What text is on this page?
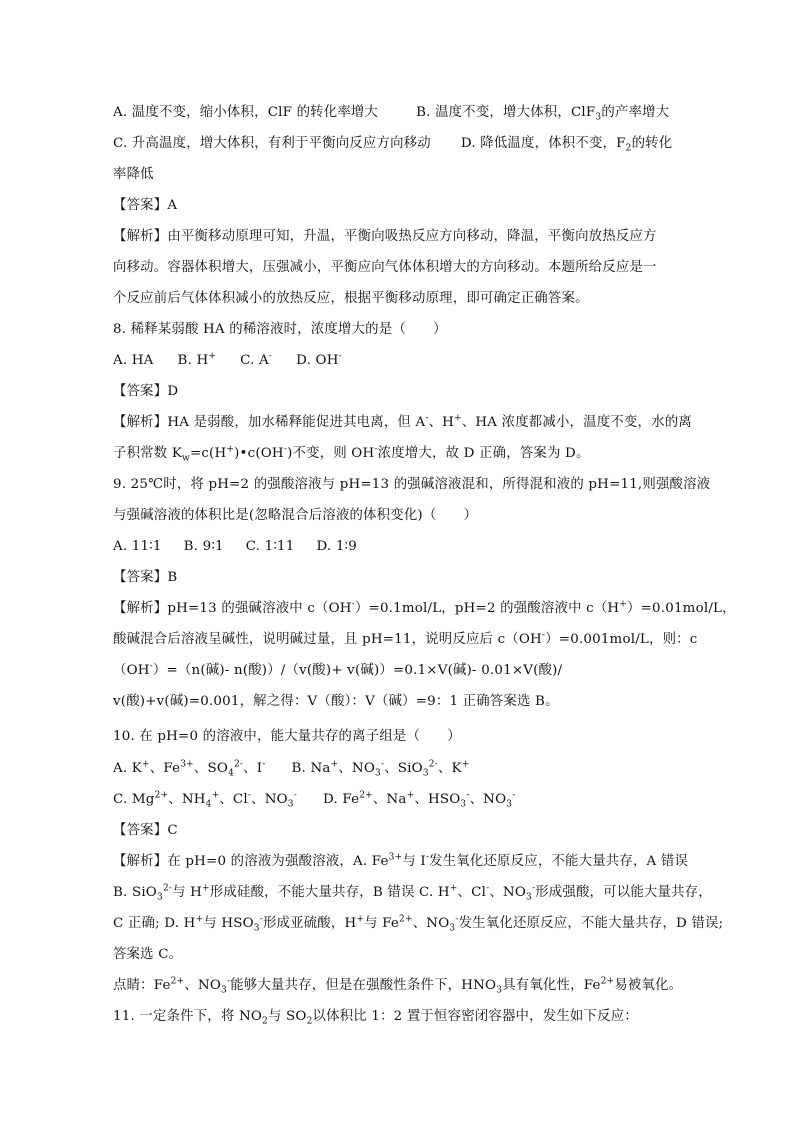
A. 温度不变，缩小体积，ClF 的转化率增大	B. 温度不变，增大体积，ClF$_3$的产率增大
C. 升高温度，增大体积，有利于平衡向反应方向移动 D. 降低温度，体积不变，$F_2$的转化
率降低
【答案】A
【解析】由平衡移动原理可知，升温，平衡向吸热反应方向移动，降温，平衡向放热反应方
向移动。容器体积增大，压强减小，平衡应向气体体积增大的方向移动。本题所给反应是一
个反应前后气体体积减小的放热反应，根据平衡移动原理，即可确定正确答案。
8. 稀释某弱酸 HA 的稀溶液时，浓度增大的是（　　）
A. HA B. H+ C. A- D. OH-
【答案】D
【解析】HA 是弱酸，加水稀释能促进其电离，但 A-、H+、HA 浓度都减小，温度不变，水的离
子积常数 $K_w=c(H^+)•c(OH^-)$不变，则 OH-浓度增大，故 D 正确，答案为 D。
9. 25℃时，将 pH=2 的强酸溶液与 pH=13 的强碱溶液混和，所得混和液的 pH=11,则强酸溶液
与强碱溶液的体积比是(忽略混合后溶液的体积变化)（　　）
A. 11∶1 B. 9∶1 C. 1∶11 D. 1∶9
【答案】B
【解析】pH=13 的强碱溶液中 c（OH-）=0.1mol/L，pH=2 的强酸溶液中 c（H+）=0.01mol/L，
酸碱混合后溶液呈碱性，说明碱过量，且 pH=11，说明反应后 c（OH-）=0.001mol/L，则：c
（OH-）=（n(碱)- n(酸)）/（v(酸)+ v(碱)）=0.1×V(碱)- 0.01×V(酸)/
v(酸)+v(碱)=0.001，解之得：V（酸）：V（碱）=9：1 正确答案选 B。
10. 在 pH=0 的溶液中，能大量共存的离子组是（　　）
A. K+、$Fe^{3+}$、$SO_4^{2-}$、I- B. Na+、$NO_3^-$、SiO$_3^{2-}$、K+
C. $Mg^{2+}$、$NH_4^+$、Cl-、$NO_3^-$ D. $Fe^{2+}$、Na+、$HSO_3^-$、$NO_3^-$
【答案】C
【解析】在 pH=0 的溶液为强酸溶液，A. $Fe^{3+}$与 I-发生氧化还原反应，不能大量共存，A 错误
B. SiO$_3^{2-}$与 H+形成硅酸，不能大量共存，B 错误 C. H+、Cl-、$NO_3^-$形成强酸，可以能大量共存，
C 正确; D. H+与 $HSO_3^-$形成亚硫酸，H+与 $Fe^{2+}$、$NO_3^-$发生氧化还原反应，不能大量共存，D 错误;
答案选 C。
点睛：$Fe^{2+}$、$NO_3^-$能够大量共存，但是在强酸性条件下，$HNO_3$具有氧化性，$Fe^{2+}$易被氧化。
11. 一定条件下，将 $NO_2$与 $SO_2$以体积比 1：2 置于恒容密闭容器中，发生如下反应：
